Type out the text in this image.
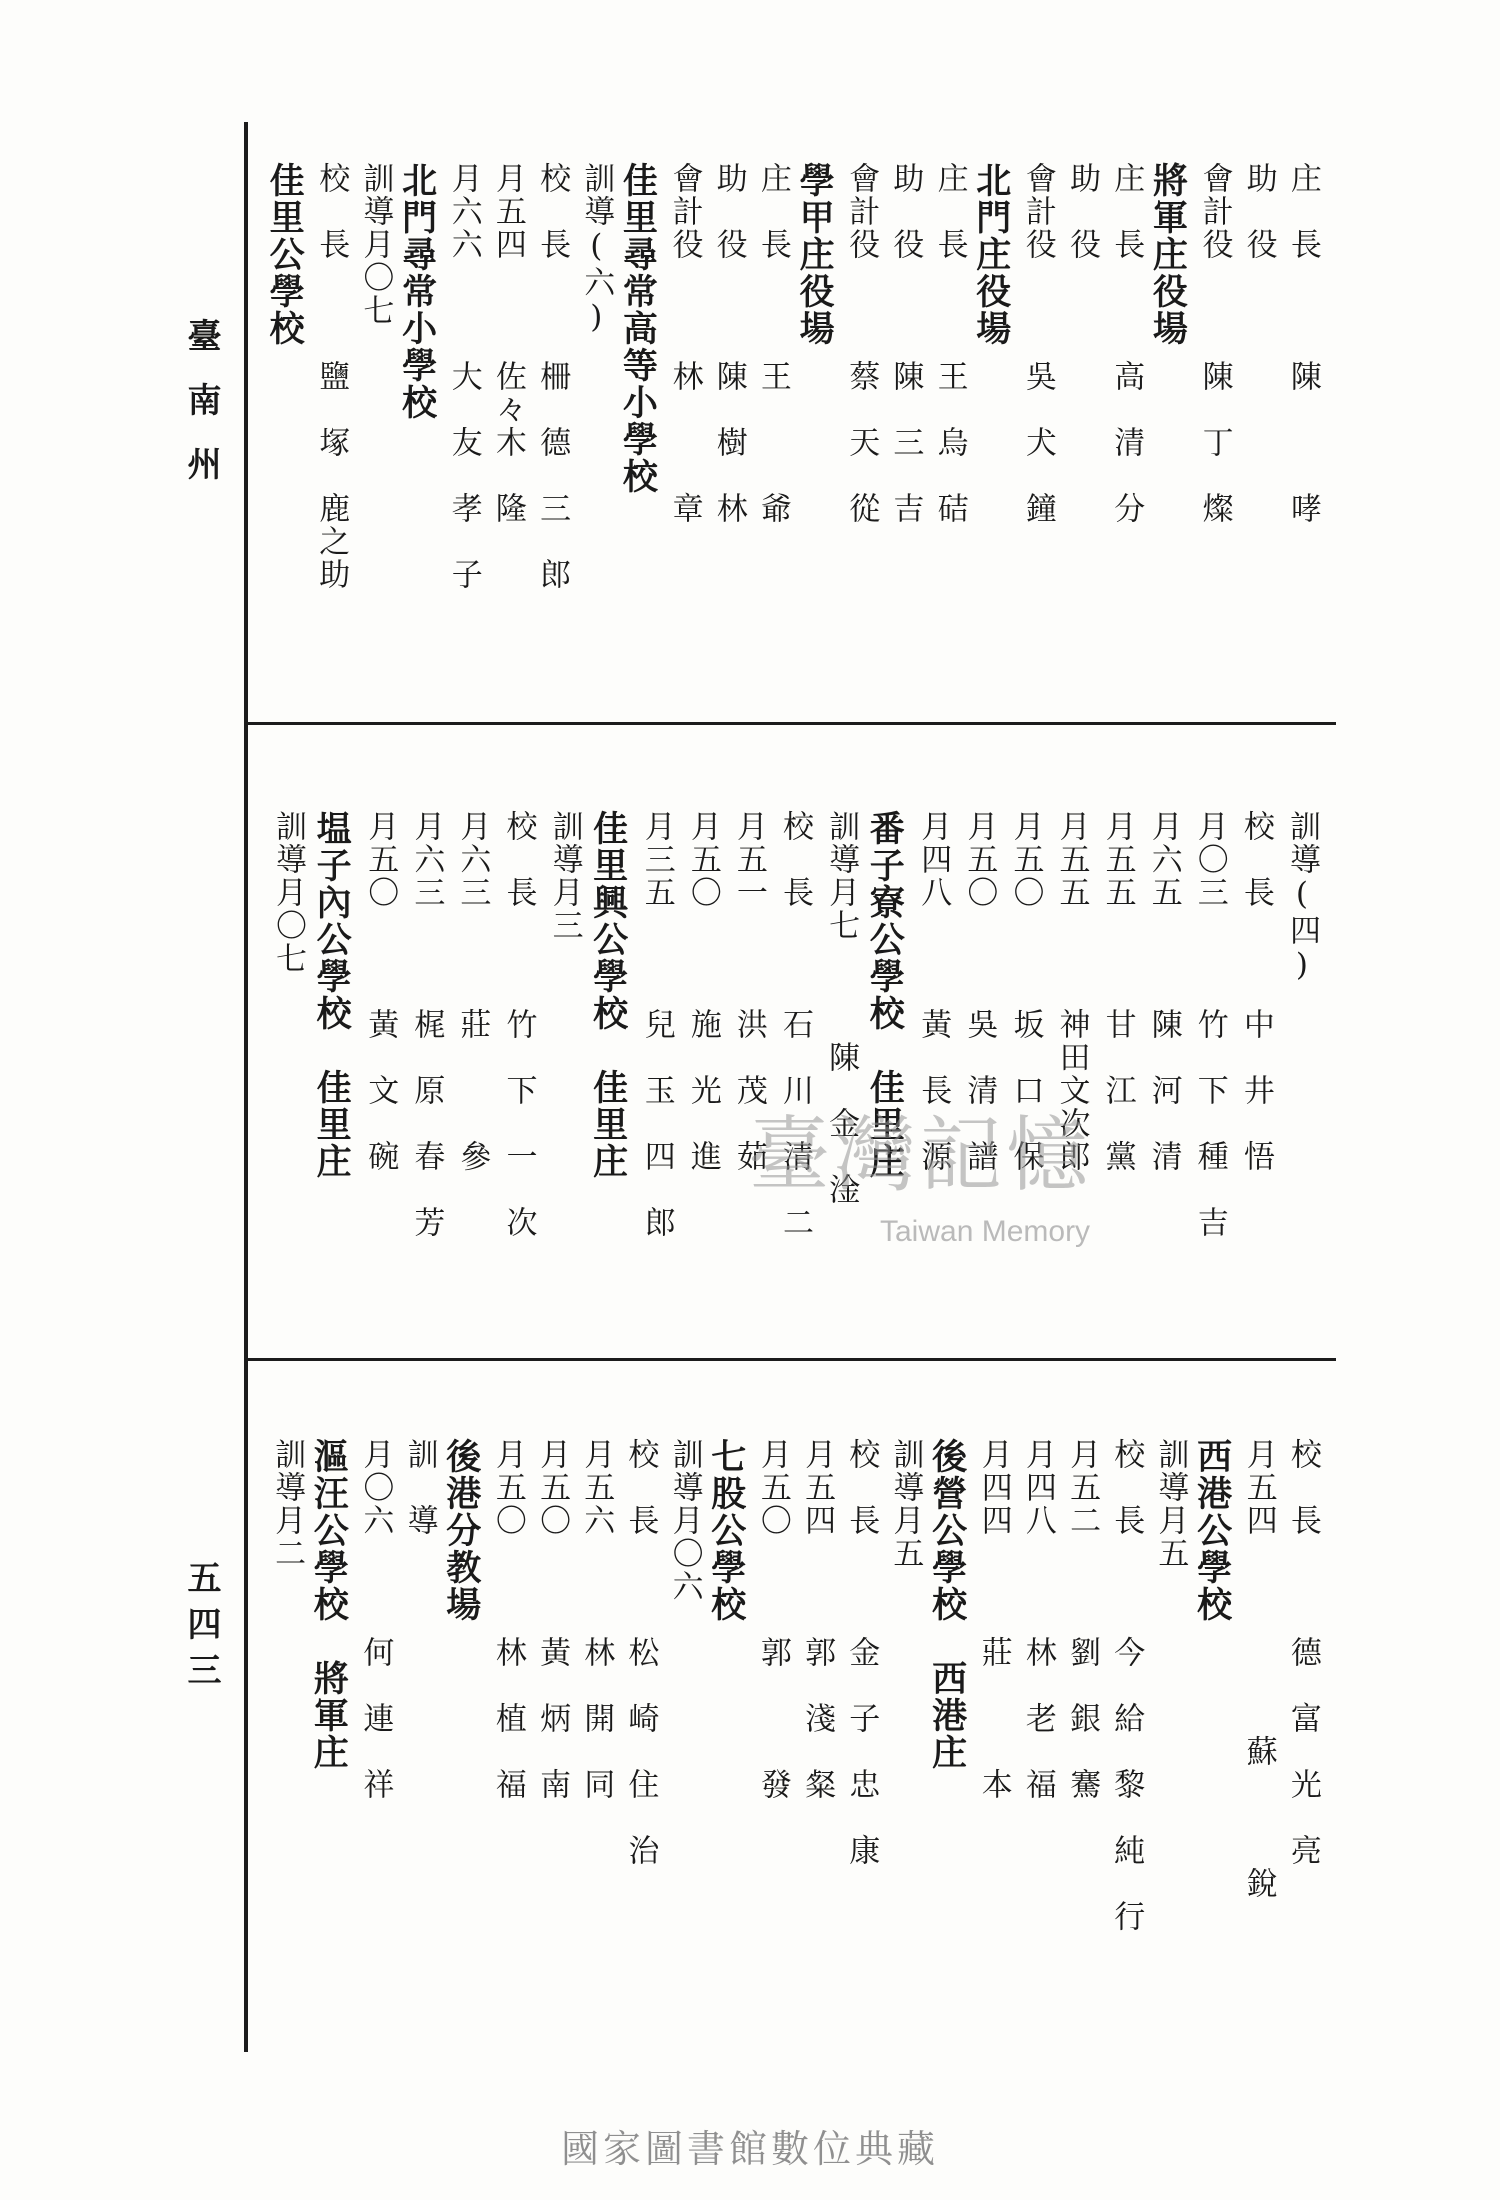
臺南州
五四三
庄　長　　　陳　　　哮
助　役　　　
會計役　　　陳　丁　燦
將軍庄役場
庄　長　　　高　清　分
助　役　　　
會計役　　　吳　犬　鐘
北門庄役場
庄　長　　　王　烏　硈
助　役　　　陳　三　吉
會計役　　　蔡　天　從
學甲庄役場
庄　長　　　王　　　爺
助　役　　　陳　樹　林
會計役　　　林　　　章
佳里尋常高等小學校
訓導(六)
校　長　　　柵　德　三　郎
月五四　　　佐々木　隆
月六六　　　大　友　孝　子
北門尋常小學校
訓導月〇七
校　長　　　鹽　塚　鹿之助
佳里公學校
訓導(四)
校　長　　　中　井　悟
月〇三　　　竹　下　種　吉
月六五　　　陳　河　清
月五五　　　甘　江　黨
月五五　　　神田文次郎
月五〇　　　坂　口　保
月五〇　　　吳　清　譜
月四八　　　黃　長　源
番子寮公學校　佳里庄
訓導月七　　　陳　金　淦
校　長　　　石　川　清　二
月五一　　　洪　茂　茹
月五〇　　　施　光　進
月三五　　　兒　玉　四　郎
佳里興公學校　佳里庄
訓導月三
校　長　　　竹　下　一　次
月六三　　　莊　　　參
月六三　　　梶　原　春　芳
月五〇　　　黃　文　碗
塭子內公學校　佳里庄
訓導月〇七
校　長　　　德　富　光　亮
月五四　　　　　　蘇　　　銳
西港公學校
訓導月五
校　長　　　今　給　黎　純　行
月五二　　　劉　銀　騫
月四八　　　林　老　福
月四四　　　莊　　　本
後營公學校　西港庄
訓導月五
校　長　　　金　子　忠　康
月五四　　　郭　淺　粲
月五〇　　　郭　　　發
七股公學校
訓導月〇六
校　長　　　松　崎　住　治
月五六　　　林　開　同
月五〇　　　黃　炳　南
月五〇　　　林　植　福
後港分教場
訓　導
月〇六　　　何　連　祥
漚汪公學校　將軍庄
訓導月二
臺灣記憶
Taiwan Memory
國家圖書館數位典藏
